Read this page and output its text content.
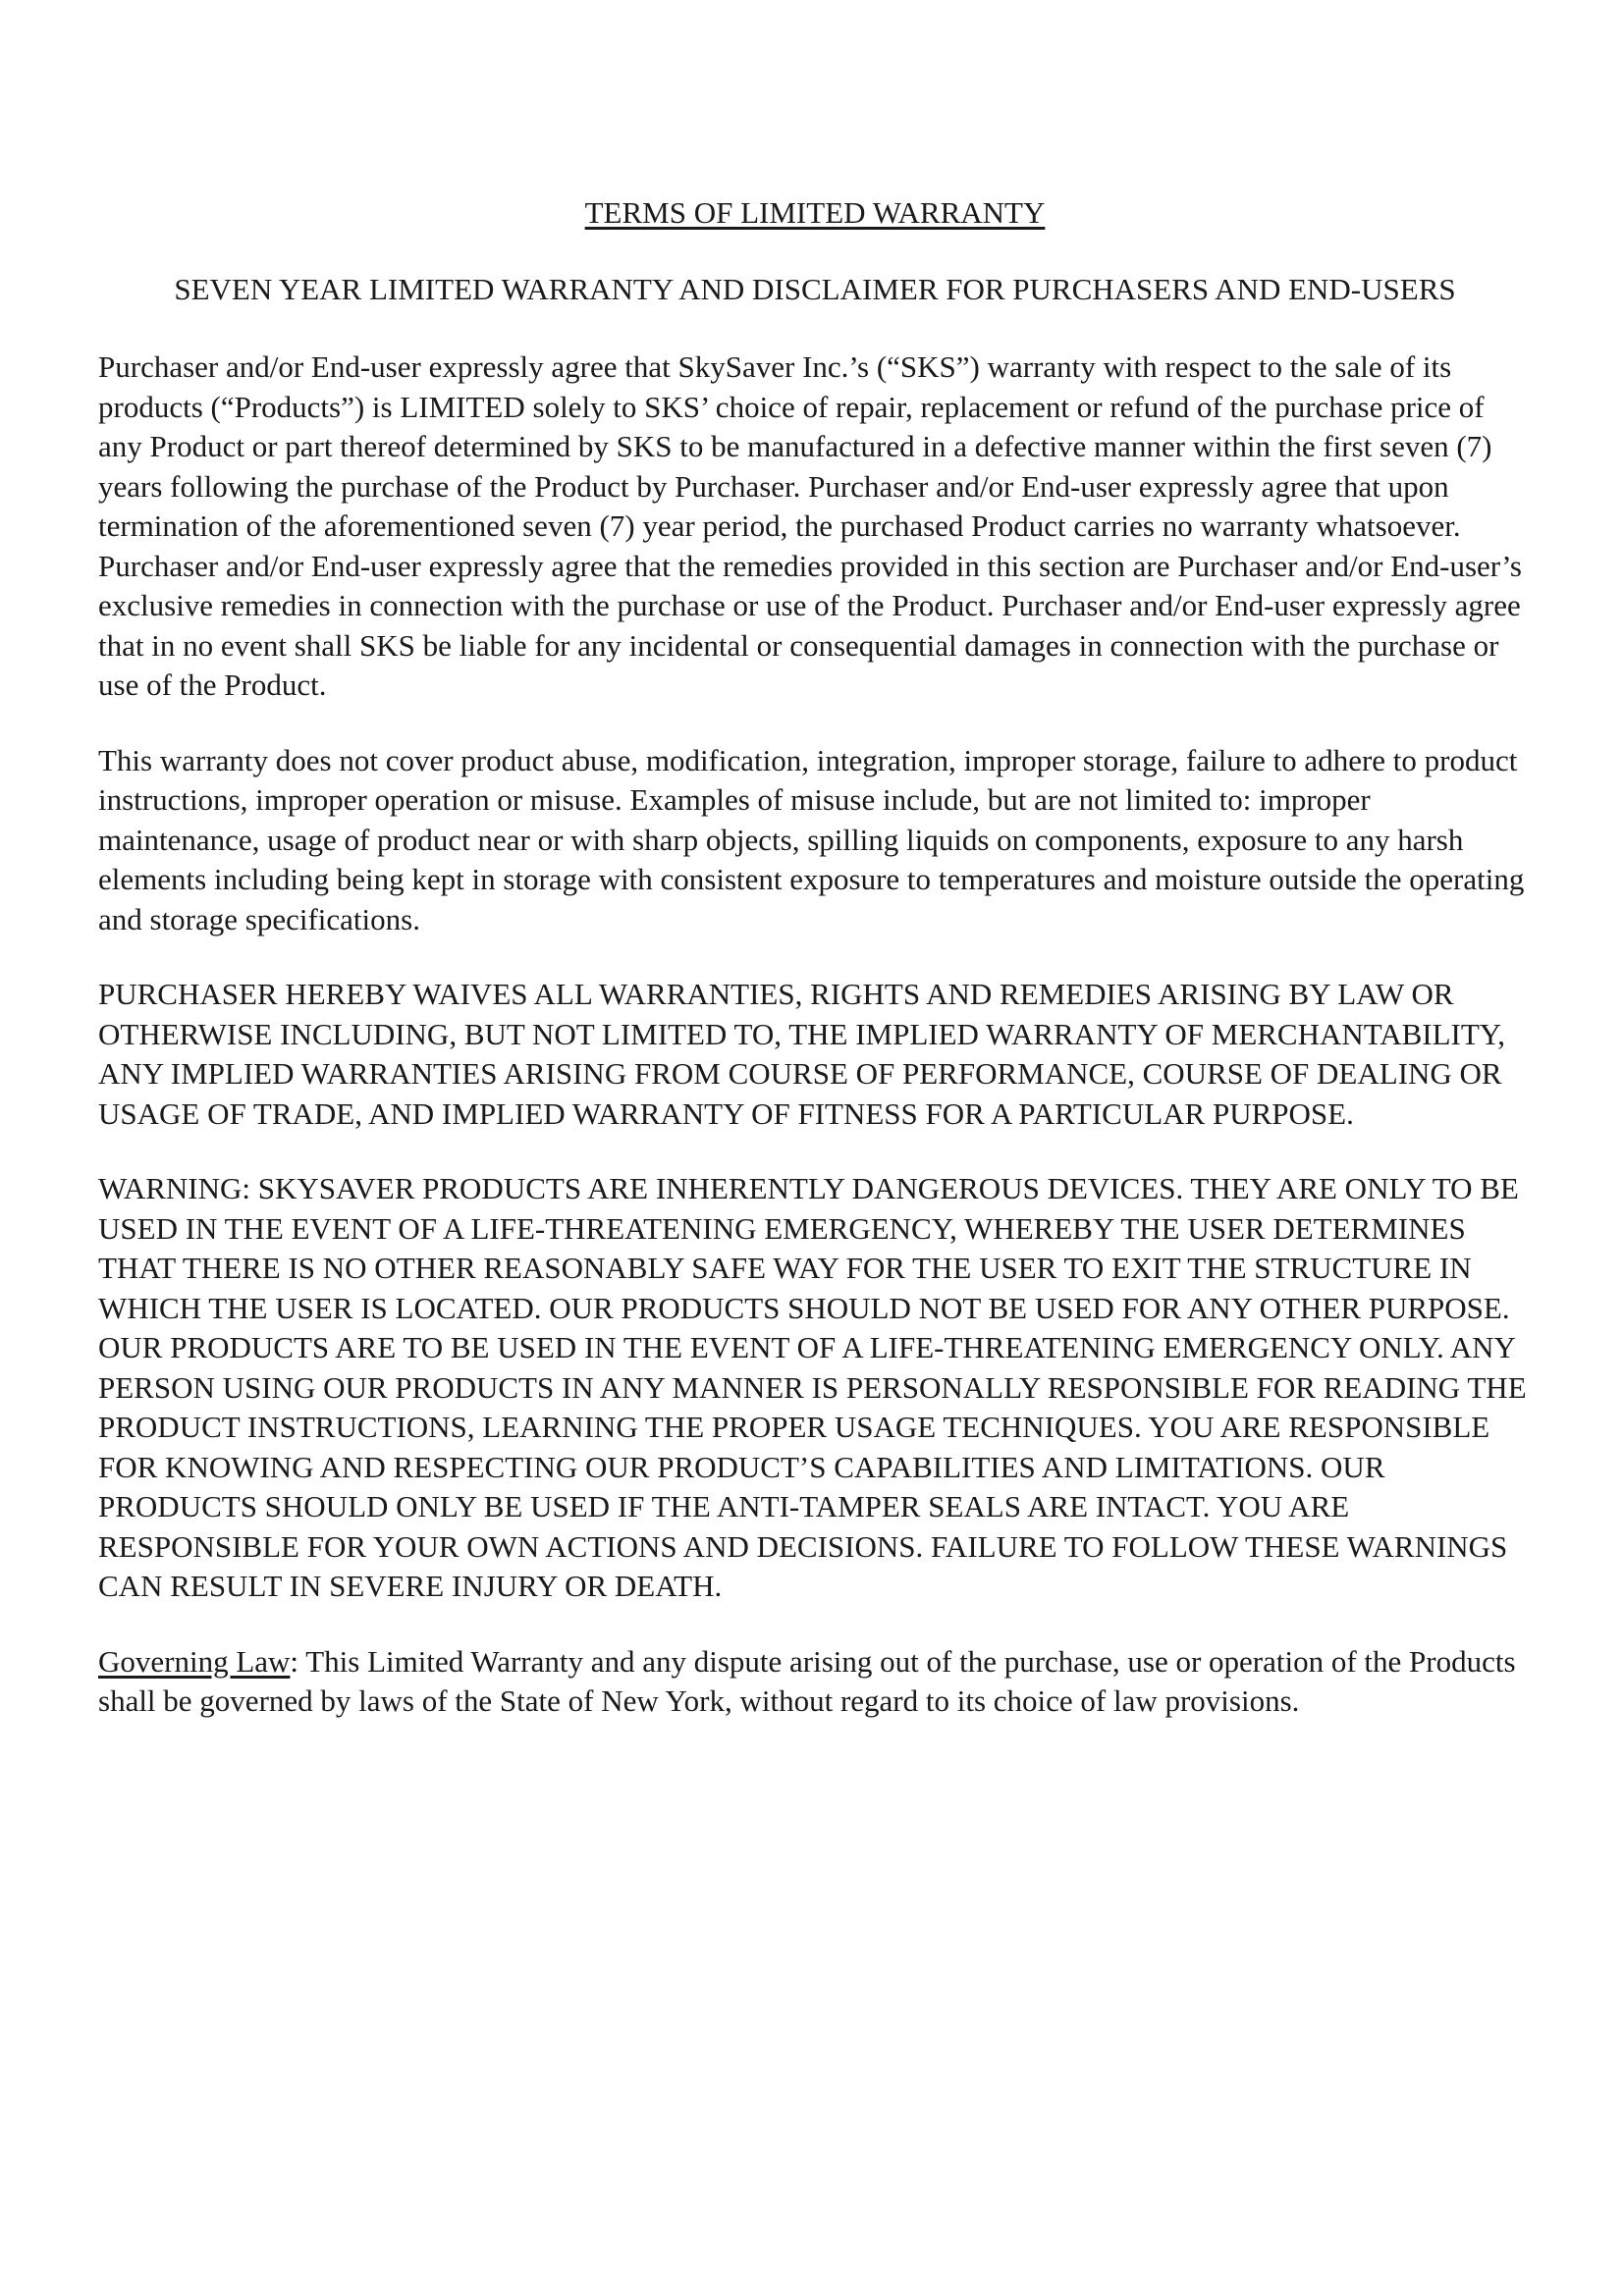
TERMS OF LIMITED WARRANTY

SEVEN YEAR LIMITED WARRANTY AND DISCLAIMER FOR PURCHASERS AND END-USERS

Purchaser and/or End-user expressly agree that SkySaver Inc.’s (“SKS”) warranty with respect to the sale of its products (“Products”) is LIMITED solely to SKS’ choice of repair, replacement or refund of the purchase price of any Product or part thereof determined by SKS to be manufactured in a defective manner within the first seven (7) years following the purchase of the Product by Purchaser. Purchaser and/or End-user expressly agree that upon termination of the aforementioned seven (7) year period, the purchased Product carries no warranty whatsoever. Purchaser and/or End-user expressly agree that the remedies provided in this section are Purchaser and/or End-user’s exclusive remedies in connection with the purchase or use of the Product. Purchaser and/or End-user expressly agree that in no event shall SKS be liable for any incidental or consequential damages in connection with the purchase or use of the Product.

This warranty does not cover product abuse, modification, integration, improper storage, failure to adhere to product instructions, improper operation or misuse. Examples of misuse include, but are not limited to: improper maintenance, usage of product near or with sharp objects, spilling liquids on components, exposure to any harsh elements including being kept in storage with consistent exposure to temperatures and moisture outside the operating and storage specifications.

PURCHASER HEREBY WAIVES ALL WARRANTIES, RIGHTS AND REMEDIES ARISING BY LAW OR OTHERWISE INCLUDING, BUT NOT LIMITED TO, THE IMPLIED WARRANTY OF MERCHANTABILITY, ANY IMPLIED WARRANTIES ARISING FROM COURSE OF PERFORMANCE, COURSE OF DEALING OR USAGE OF TRADE, AND IMPLIED WARRANTY OF FITNESS FOR A PARTICULAR PURPOSE.

WARNING: SKYSAVER PRODUCTS ARE INHERENTLY DANGEROUS DEVICES. THEY ARE ONLY TO BE USED IN THE EVENT OF A LIFE-THREATENING EMERGENCY, WHEREBY THE USER DETERMINES THAT THERE IS NO OTHER REASONABLY SAFE WAY FOR THE USER TO EXIT THE STRUCTURE IN WHICH THE USER IS LOCATED. OUR PRODUCTS SHOULD NOT BE USED FOR ANY OTHER PURPOSE. OUR PRODUCTS ARE TO BE USED IN THE EVENT OF A LIFE-THREATENING EMERGENCY ONLY. ANY PERSON USING OUR PRODUCTS IN ANY MANNER IS PERSONALLY RESPONSIBLE FOR READING THE PRODUCT INSTRUCTIONS, LEARNING THE PROPER USAGE TECHNIQUES. YOU ARE RESPONSIBLE FOR KNOWING AND RESPECTING OUR PRODUCT’S CAPABILITIES AND LIMITATIONS. OUR PRODUCTS SHOULD ONLY BE USED IF THE ANTI-TAMPER SEALS ARE INTACT. YOU ARE RESPONSIBLE FOR YOUR OWN ACTIONS AND DECISIONS. FAILURE TO FOLLOW THESE WARNINGS CAN RESULT IN SEVERE INJURY OR DEATH.

Governing Law: This Limited Warranty and any dispute arising out of the purchase, use or operation of the Products shall be governed by laws of the State of New York, without regard to its choice of law provisions.
